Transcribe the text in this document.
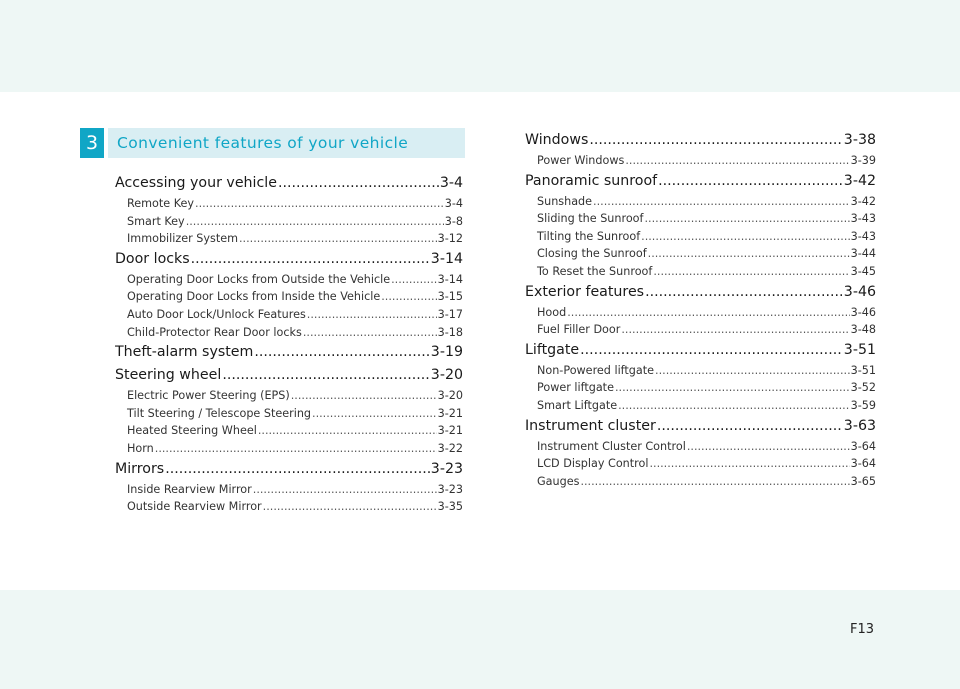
3	Convenient features of your vehicle
Accessing your vehicle .....	3-4
Remote Key .....	3-4
Smart Key .....	3-8
Immobilizer System .....	3-12
Door locks .....	3-14
Operating Door Locks from Outside the Vehicle .....	3-14
Operating Door Locks from Inside the Vehicle .....	3-15
Auto Door Lock/Unlock Features .....	3-17
Child-Protector Rear Door locks .....	3-18
Theft-alarm system .....	3-19
Steering wheel .....	3-20
Electric Power Steering (EPS) .....	3-20
Tilt Steering / Telescope Steering .....	3-21
Heated Steering Wheel .....	3-21
Horn .....	3-22
Mirrors .....	3-23
Inside Rearview Mirror .....	3-23
Outside Rearview Mirror .....	3-35
Windows .....	3-38
Power Windows .....	3-39
Panoramic sunroof .....	3-42
Sunshade .....	3-42
Sliding the Sunroof .....	3-43
Tilting the Sunroof .....	3-43
Closing the Sunroof .....	3-44
To Reset the Sunroof .....	3-45
Exterior features .....	3-46
Hood .....	3-46
Fuel Filler Door .....	3-48
Liftgate .....	3-51
Non-Powered liftgate .....	3-51
Power liftgate .....	3-52
Smart Liftgate .....	3-59
Instrument cluster .....	3-63
Instrument Cluster Control .....	3-64
LCD Display Control .....	3-64
Gauges .....	3-65
F13
